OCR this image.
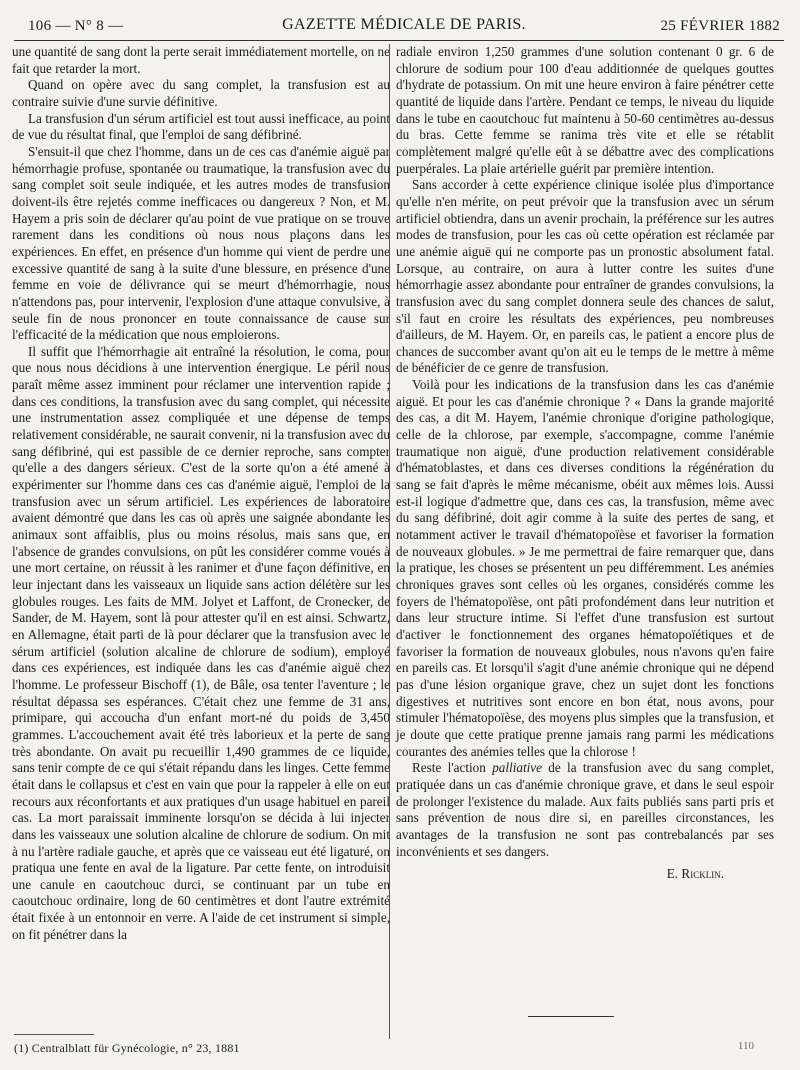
106 — N° 8 —	GAZETTE MÉDICALE DE PARIS.	25 FÉVRIER 1882

une quantité de sang dont la perte serait immédiatement mortelle, on ne fait que retarder la mort.

Quand on opère avec du sang complet, la transfusion est au contraire suivie d'une survie définitive.

La transfusion d'un sérum artificiel est tout aussi inefficace, au point de vue du résultat final, que l'emploi de sang défibriné.

S'ensuit-il que chez l'homme, dans un de ces cas d'anémie aiguë par hémorrhagie profuse, spontanée ou traumatique, la transfusion avec du sang complet soit seule indiquée, et les autres modes de transfusion doivent-ils être rejetés comme inefficaces ou dangereux ? Non, et M. Hayem a pris soin de déclarer qu'au point de vue pratique on se trouve rarement dans les conditions où nous nous plaçons dans les expériences. En effet, en présence d'un homme qui vient de perdre une excessive quantité de sang à la suite d'une blessure, en présence d'une femme en voie de délivrance qui se meurt d'hémorrhagie, nous n'attendons pas, pour intervenir, l'explosion d'une attaque convulsive, à seule fin de nous prononcer en toute connaissance de cause sur l'efficacité de la médication que nous emploierons.

Il suffit que l'hémorrhagie ait entraîné la résolution, le coma, pour que nous nous décidions à une intervention énergique. Le péril nous paraît même assez imminent pour réclamer une intervention rapide ; dans ces conditions, la transfusion avec du sang complet, qui nécessite une instrumentation assez compliquée et une dépense de temps relativement considérable, ne saurait convenir, ni la transfusion avec du sang défibriné, qui est passible de ce dernier reproche, sans compter qu'elle a des dangers sérieux. C'est de la sorte qu'on a été amené à expérimenter sur l'homme dans ces cas d'anémie aiguë, l'emploi de la transfusion avec un sérum artificiel. Les expériences de laboratoire avaient démontré que dans les cas où après une saignée abondante les animaux sont affaiblis, plus ou moins résolus, mais sans que, en l'absence de grandes convulsions, on pût les considérer comme voués à une mort certaine, on réussit à les ranimer et d'une façon définitive, en leur injectant dans les vaisseaux un liquide sans action délétère sur les globules rouges. Les faits de MM. Jolyet et Laffont, de Cronecker, de Sander, de M. Hayem, sont là pour attester qu'il en est ainsi. Schwartz, en Allemagne, était parti de là pour déclarer que la transfusion avec le sérum artificiel (solution alcaline de chlorure de sodium), employé dans ces expériences, est indiquée dans les cas d'anémie aiguë chez l'homme. Le professeur Bischoff (1), de Bâle, osa tenter l'aventure ; le résultat dépassa ses espérances. C'était chez une femme de 31 ans, primipare, qui accoucha d'un enfant mort-né du poids de 3,450 grammes. L'accouchement avait été très laborieux et la perte de sang très abondante. On avait pu recueillir 1,490 grammes de ce liquide, sans tenir compte de ce qui s'était répandu dans les linges. Cette femme était dans le collapsus et c'est en vain que pour la rappeler à elle on eut recours aux réconfortants et aux pratiques d'un usage habituel en pareil cas. La mort paraissait imminente lorsqu'on se décida à lui injecter dans les vaisseaux une solution alcaline de chlorure de sodium. On mit à nu l'artère radiale gauche, et après que ce vaisseau eut été ligaturé, on pratiqua une fente en aval de la ligature. Par cette fente, on introduisit une canule en caoutchouc durci, se continuant par un tube en caoutchouc ordinaire, long de 60 centimètres et dont l'autre extrémité était fixée à un entonnoir en verre. A l'aide de cet instrument si simple, on fit pénétrer dans la

radiale environ 1,250 grammes d'une solution contenant 0 gr. 6 de chlorure de sodium pour 100 d'eau additionnée de quelques gouttes d'hydrate de potassium. On mit une heure environ à faire pénétrer cette quantité de liquide dans l'artère. Pendant ce temps, le niveau du liquide dans le tube en caoutchouc fut maintenu à 50-60 centimètres au-dessus du bras. Cette femme se ranima très vite et elle se rétablit complètement malgré qu'elle eût à se débattre avec des complications puerpérales. La plaie artérielle guérit par première intention.

Sans accorder à cette expérience clinique isolée plus d'importance qu'elle n'en mérite, on peut prévoir que la transfusion avec un sérum artificiel obtiendra, dans un avenir prochain, la préférence sur les autres modes de transfusion, pour les cas où cette opération est réclamée par une anémie aiguë qui ne comporte pas un pronostic absolument fatal. Lorsque, au contraire, on aura à lutter contre les suites d'une hémorrhagie assez abondante pour entraîner de grandes convulsions, la transfusion avec du sang complet donnera seule des chances de salut, s'il faut en croire les résultats des expériences, peu nombreuses d'ailleurs, de M. Hayem. Or, en pareils cas, le patient a encore plus de chances de succomber avant qu'on ait eu le temps de le mettre à même de bénéficier de ce genre de transfusion.

Voilà pour les indications de la transfusion dans les cas d'anémie aiguë. Et pour les cas d'anémie chronique ? « Dans la grande majorité des cas, a dit M. Hayem, l'anémie chronique d'origine pathologique, celle de la chlorose, par exemple, s'accompagne, comme l'anémie traumatique non aiguë, d'une production relativement considérable d'hématoblastes, et dans ces diverses conditions la régénération du sang se fait d'après le même mécanisme, obéit aux mêmes lois. Aussi est-il logique d'admettre que, dans ces cas, la transfusion, même avec du sang défibriné, doit agir comme à la suite des pertes de sang, et notamment activer le travail d'hématopoïèse et favoriser la formation de nouveaux globules. » Je me permettrai de faire remarquer que, dans la pratique, les choses se présentent un peu différemment. Les anémies chroniques graves sont celles où les organes, considérés comme les foyers de l'hématopoïèse, ont pâti profondément dans leur nutrition et dans leur structure intime. Si l'effet d'une transfusion est surtout d'activer le fonctionnement des organes hématopoïétiques et de favoriser la formation de nouveaux globules, nous n'avons qu'en faire en pareils cas. Et lorsqu'il s'agit d'une anémie chronique qui ne dépend pas d'une lésion organique grave, chez un sujet dont les fonctions digestives et nutritives sont encore en bon état, nous avons, pour stimuler l'hématopoïèse, des moyens plus simples que la transfusion, et je doute que cette pratique prenne jamais rang parmi les médications courantes des anémies telles que la chlorose !

Reste l'action palliative de la transfusion avec du sang complet, pratiquée dans un cas d'anémie chronique grave, et dans le seul espoir de prolonger l'existence du malade. Aux faits publiés sans parti pris et sans prévention de nous dire si, en pareilles circonstances, les avantages de la transfusion ne sont pas contrebalancés par ses inconvénients et ses dangers.

E. Ricklin.
(1) Centralblatt für Gynécologie, n° 23, 1881	110
